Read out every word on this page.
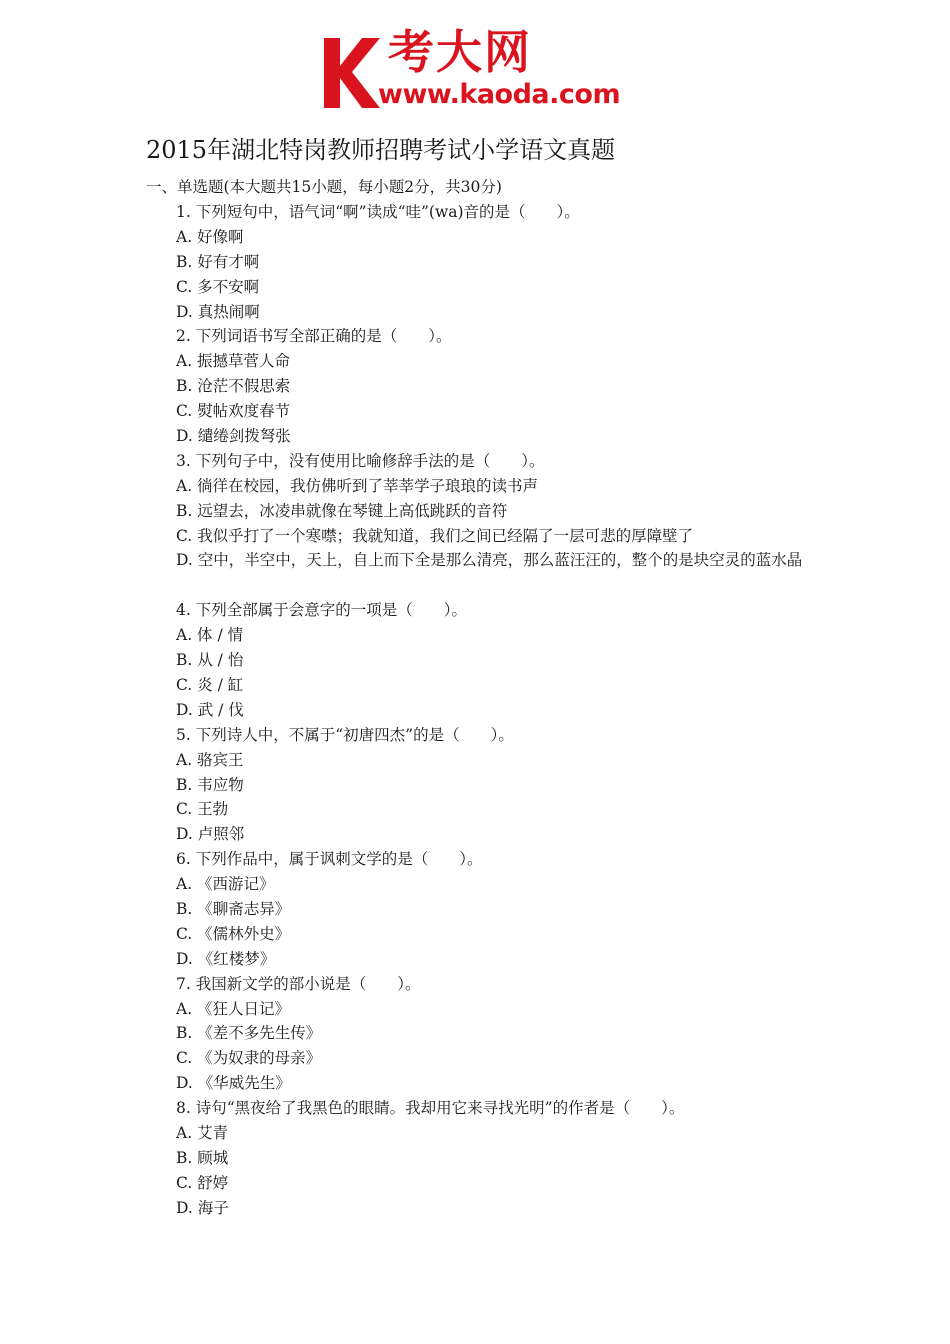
考大网
www.kaoda.com
2015年湖北特岗教师招聘考试小学语文真题
一、单选题(本大题共15小题，每小题2分，共30分)
1. 下列短句中，语气词“啊”读成“哇”(wa)音的是（　　）。
A. 好像啊
B. 好有才啊
C. 多不安啊
D. 真热闹啊
2. 下列词语书写全部正确的是（　　）。
A. 振撼草菅人命
B. 沧茫不假思索
C. 熨帖欢度春节
D. 缱绻剑拨弩张
3. 下列句子中，没有使用比喻修辞手法的是（　　）。
A. 徜徉在校园，我仿佛听到了莘莘学子琅琅的读书声
B. 远望去，冰凌串就像在琴键上高低跳跃的音符
C. 我似乎打了一个寒噤；我就知道，我们之间已经隔了一层可悲的厚障壁了
D. 空中，半空中，天上，自上而下全是那么清亮，那么蓝汪汪的，整个的是块空灵的蓝水晶
4. 下列全部属于会意字的一项是（　　）。
A. 体 / 情
B. 从 / 怡
C. 炎 / 缸
D. 武 / 伐
5. 下列诗人中，不属于“初唐四杰”的是（　　）。
A. 骆宾王
B. 韦应物
C. 王勃
D. 卢照邻
6. 下列作品中，属于讽刺文学的是（　　）。
A. 《西游记》
B. 《聊斋志异》
C. 《儒林外史》
D. 《红楼梦》
7. 我国新文学的部小说是（　　）。
A. 《狂人日记》
B. 《差不多先生传》
C. 《为奴隶的母亲》
D. 《华威先生》
8. 诗句“黑夜给了我黑色的眼睛。我却用它来寻找光明”的作者是（　　）。
A. 艾青
B. 顾城
C. 舒婷
D. 海子
